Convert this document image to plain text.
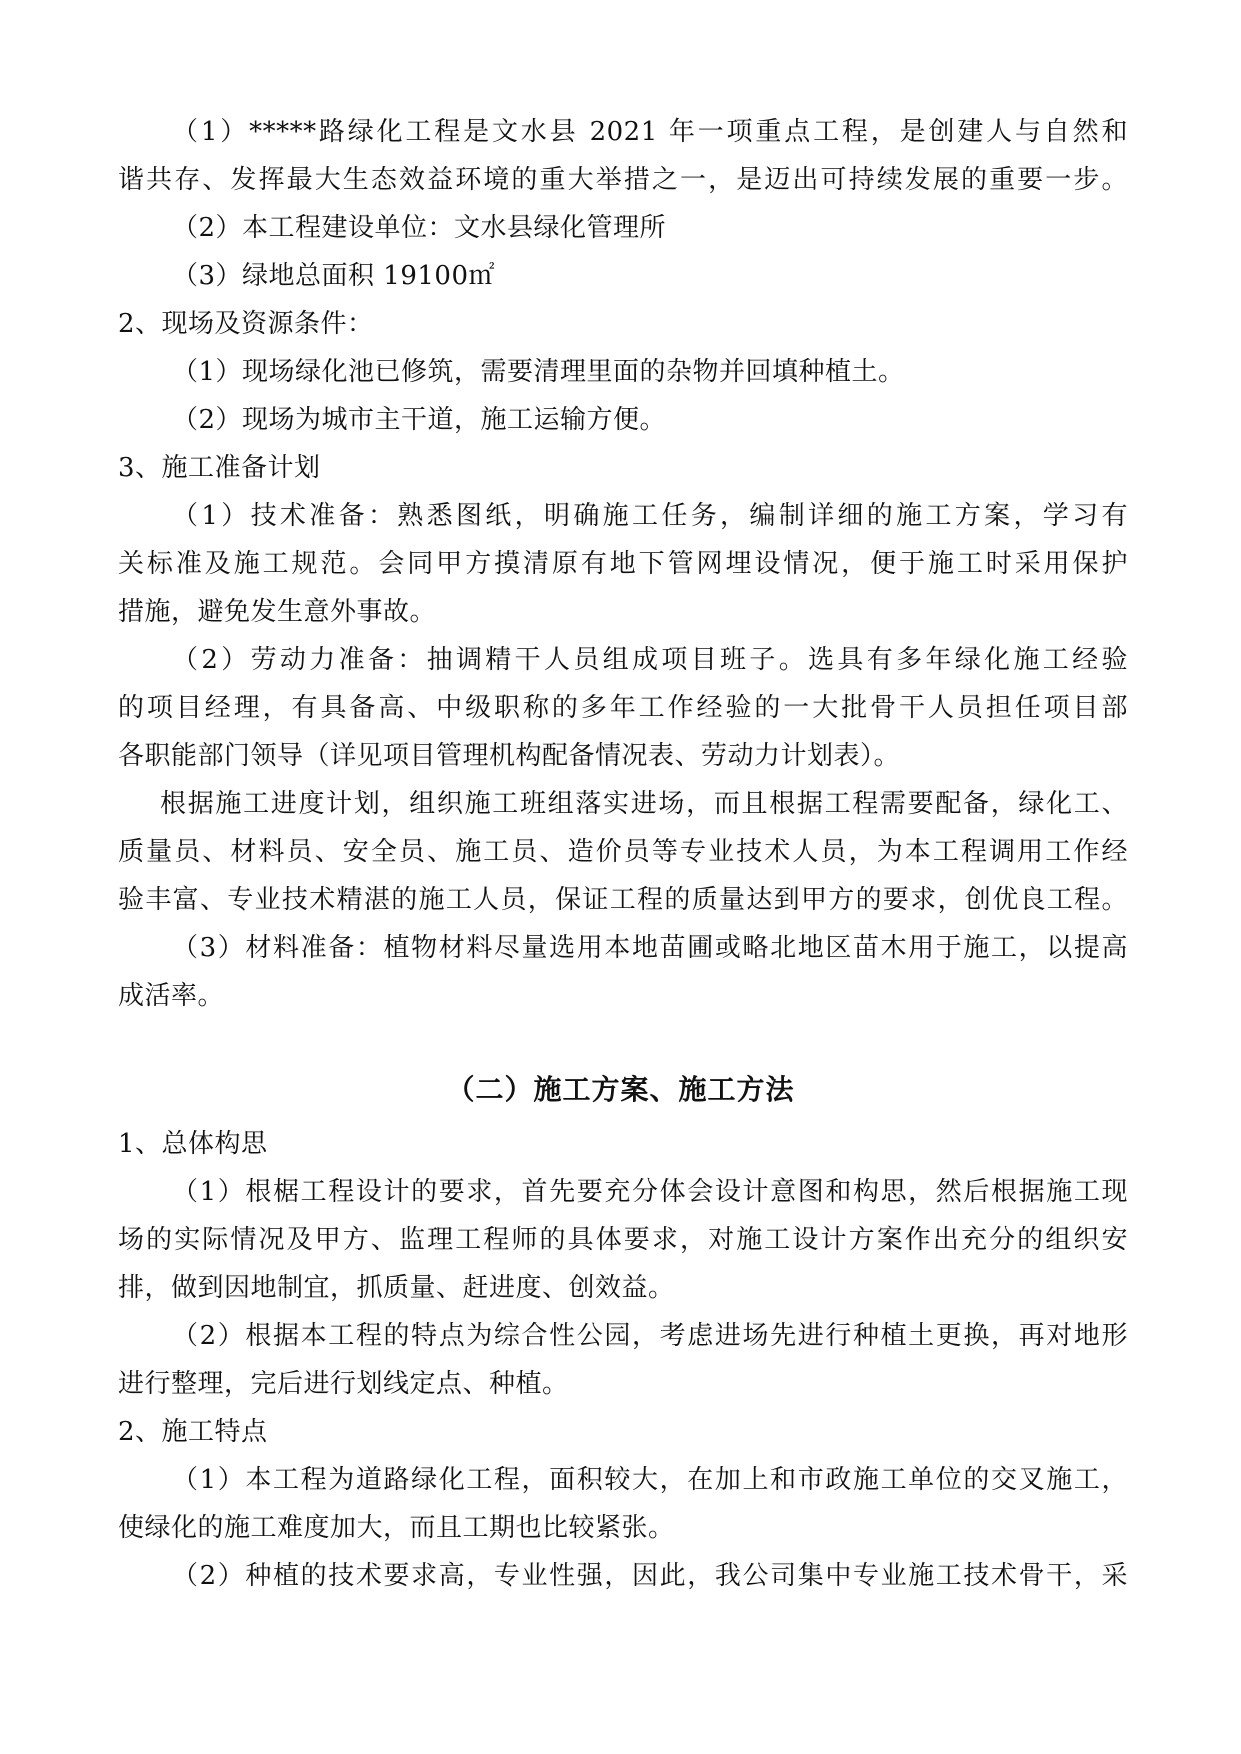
（1）*****路绿化工程是文水县 2021 年一项重点工程，是创建人与自然和
谐共存、发挥最大生态效益环境的重大举措之一，是迈出可持续发展的重要一步。
（2）本工程建设单位：文水县绿化管理所
（3）绿地总面积 19100㎡
2、现场及资源条件：
（1）现场绿化池已修筑，需要清理里面的杂物并回填种植土。
（2）现场为城市主干道，施工运输方便。
3、施工准备计划
（1）技术准备：熟悉图纸，明确施工任务，编制详细的施工方案，学习有
关标准及施工规范。会同甲方摸清原有地下管网埋设情况，便于施工时采用保护
措施，避免发生意外事故。
（2）劳动力准备：抽调精干人员组成项目班子。选具有多年绿化施工经验
的项目经理，有具备高、中级职称的多年工作经验的一大批骨干人员担任项目部
各职能部门领导（详见项目管理机构配备情况表、劳动力计划表）。
根据施工进度计划，组织施工班组落实进场，而且根据工程需要配备，绿化工、
质量员、材料员、安全员、施工员、造价员等专业技术人员，为本工程调用工作经
验丰富、专业技术精湛的施工人员，保证工程的质量达到甲方的要求，创优良工程。
（3）材料准备：植物材料尽量选用本地苗圃或略北地区苗木用于施工，以提高
成活率。
（二）施工方案、施工方法
1、总体构思
（1）根椐工程设计的要求，首先要充分体会设计意图和构思，然后根据施工现
场的实际情况及甲方、监理工程师的具体要求，对施工设计方案作出充分的组织安
排，做到因地制宜，抓质量、赶进度、创效益。
（2）根据本工程的特点为综合性公园，考虑进场先进行种植土更换，再对地形
进行整理，完后进行划线定点、种植。
2、施工特点
（1）本工程为道路绿化工程，面积较大，在加上和市政施工单位的交叉施工，
使绿化的施工难度加大，而且工期也比较紧张。
（2）种植的技术要求高，专业性强，因此，我公司集中专业施工技术骨干，采
